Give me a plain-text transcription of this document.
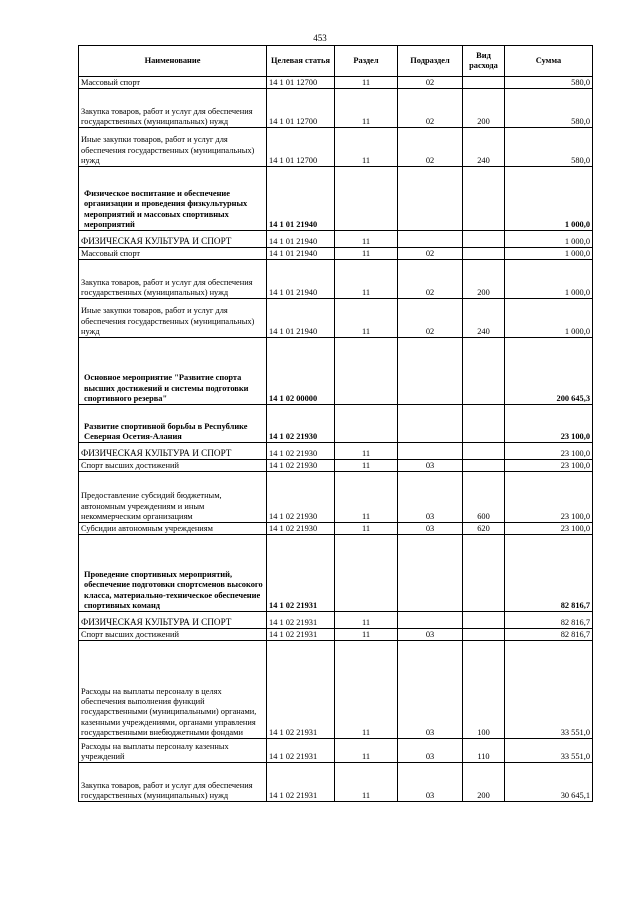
453
Наименование	Целевая статья	Раздел	Подраздел	Вид расхода	Сумма
Массовый спорт	14 1 01 12700	11	02		580,0
Закупка товаров, работ и услуг для обеспечения государственных (муниципальных) нужд	14 1 01 12700	11	02	200	580,0
Иные закупки товаров, работ и услуг для обеспечения государственных (муниципальных) нужд	14 1 01 12700	11	02	240	580,0
Физическое воспитание и обеспечение организации и проведения физкультурных мероприятий и массовых спортивных мероприятий	14 1 01 21940				1 000,0
ФИЗИЧЕСКАЯ КУЛЬТУРА И СПОРТ	14 1 01 21940	11			1 000,0
Массовый спорт	14 1 01 21940	11	02		1 000,0
Закупка товаров, работ и услуг для обеспечения государственных (муниципальных) нужд	14 1 01 21940	11	02	200	1 000,0
Иные закупки товаров, работ и услуг для обеспечения государственных (муниципальных) нужд	14 1 01 21940	11	02	240	1 000,0
Основное мероприятие "Развитие спорта высших достижений и системы подготовки спортивного резерва"	14 1 02 00000				200 645,3
Развитие спортивной борьбы в Республике Северная Осетия-Алания	14 1 02 21930				23 100,0
ФИЗИЧЕСКАЯ КУЛЬТУРА И СПОРТ	14 1 02 21930	11			23 100,0
Спорт высших достижений	14 1 02 21930	11	03		23 100,0
Предоставление субсидий бюджетным, автономным учреждениям и иным некоммерческим организациям	14 1 02 21930	11	03	600	23 100,0
Субсидии автономным учреждениям	14 1 02 21930	11	03	620	23 100,0
Проведение спортивных мероприятий, обеспечение подготовки спортсменов высокого класса, материально-техническое обеспечение спортивных команд	14 1 02 21931				82 816,7
ФИЗИЧЕСКАЯ КУЛЬТУРА И СПОРТ	14 1 02 21931	11			82 816,7
Спорт высших достижений	14 1 02 21931	11	03		82 816,7
Расходы на выплаты персоналу в целях обеспечения выполнения функций государственными (муниципальными) органами, казенными учреждениями, органами управления государственными внебюджетными фондами	14 1 02 21931	11	03	100	33 551,0
Расходы на выплаты персоналу казенных учреждений	14 1 02 21931	11	03	110	33 551,0
Закупка товаров, работ и услуг для обеспечения государственных (муниципальных) нужд	14 1 02 21931	11	03	200	30 645,1
